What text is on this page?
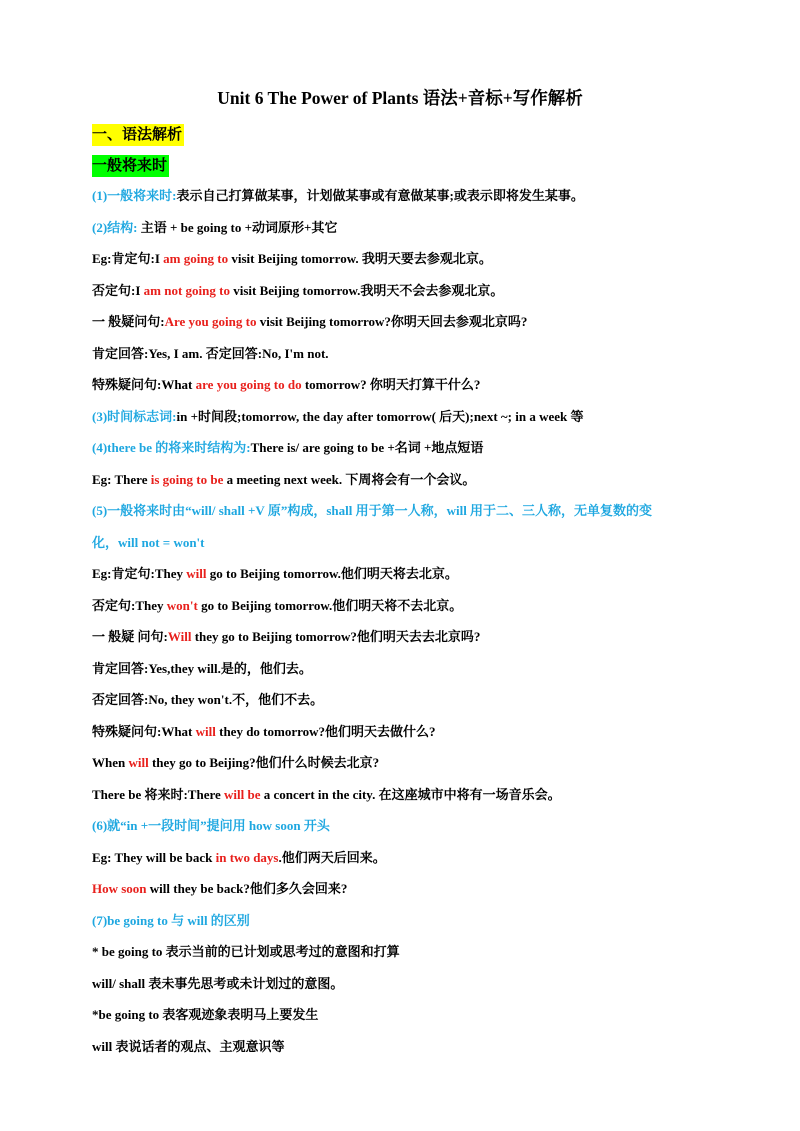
Unit 6 The Power of Plants 语法+音标+写作解析
一、语法解析
一般将来时
(1)一般将来时:表示自己打算做某事，计划做某事或有意做某事;或表示即将发生某事。
(2)结构: 主语 + be going to +动词原形+其它
Eg:肯定句:I am going to visit Beijing tomorrow. 我明天要去参观北京。
否定句:I am not going to visit Beijing tomorrow.我明天不会去参观北京。
一 般疑问句:Are you going to visit Beijing tomorrow?你明天回去参观北京吗?
肯定回答:Yes, I am. 否定回答:No, I'm not.
特殊疑问句:What are you going to do tomorrow? 你明天打算干什么?
(3)时间标志词:in +时间段;tomorrow, the day after tomorrow( 后天);next ~; in a week 等
(4)there be 的将来时结构为:There is/ are going to be +名词 +地点短语
Eg: There is going to be a meeting next week. 下周将会有一个会议。
(5)一般将来时由“will/ shall +V 原”构成，shall 用于第一人称，will 用于二、三人称，无单复数的变
化，will not = won't
Eg:肯定句:They will go to Beijing tomorrow.他们明天将去北京。
否定句:They won't go to Beijing tomorrow.他们明天将不去北京。
一 般疑 问句:Will they go to Beijing tomorrow?他们明天去去北京吗?
肯定回答:Yes,they will.是的，他们去。
否定回答:No, they won't.不，他们不去。
特殊疑问句:What will they do tomorrow?他们明天去做什么?
When will they go to Beijing?他们什么时候去北京?
There be 将来时:There will be a concert in the city. 在这座城市中将有一场音乐会。
(6)就“in +一段时间”提问用 how soon 开头
Eg: They will be back in two days.他们两天后回来。
How soon will they be back?他们多久会回来?
(7)be going to 与 will 的区别
* be going to 表示当前的已计划或思考过的意图和打算
will/ shall 表未事先思考或未计划过的意图。
*be going to 表客观迹象表明马上要发生
will 表说话者的观点、主观意识等
